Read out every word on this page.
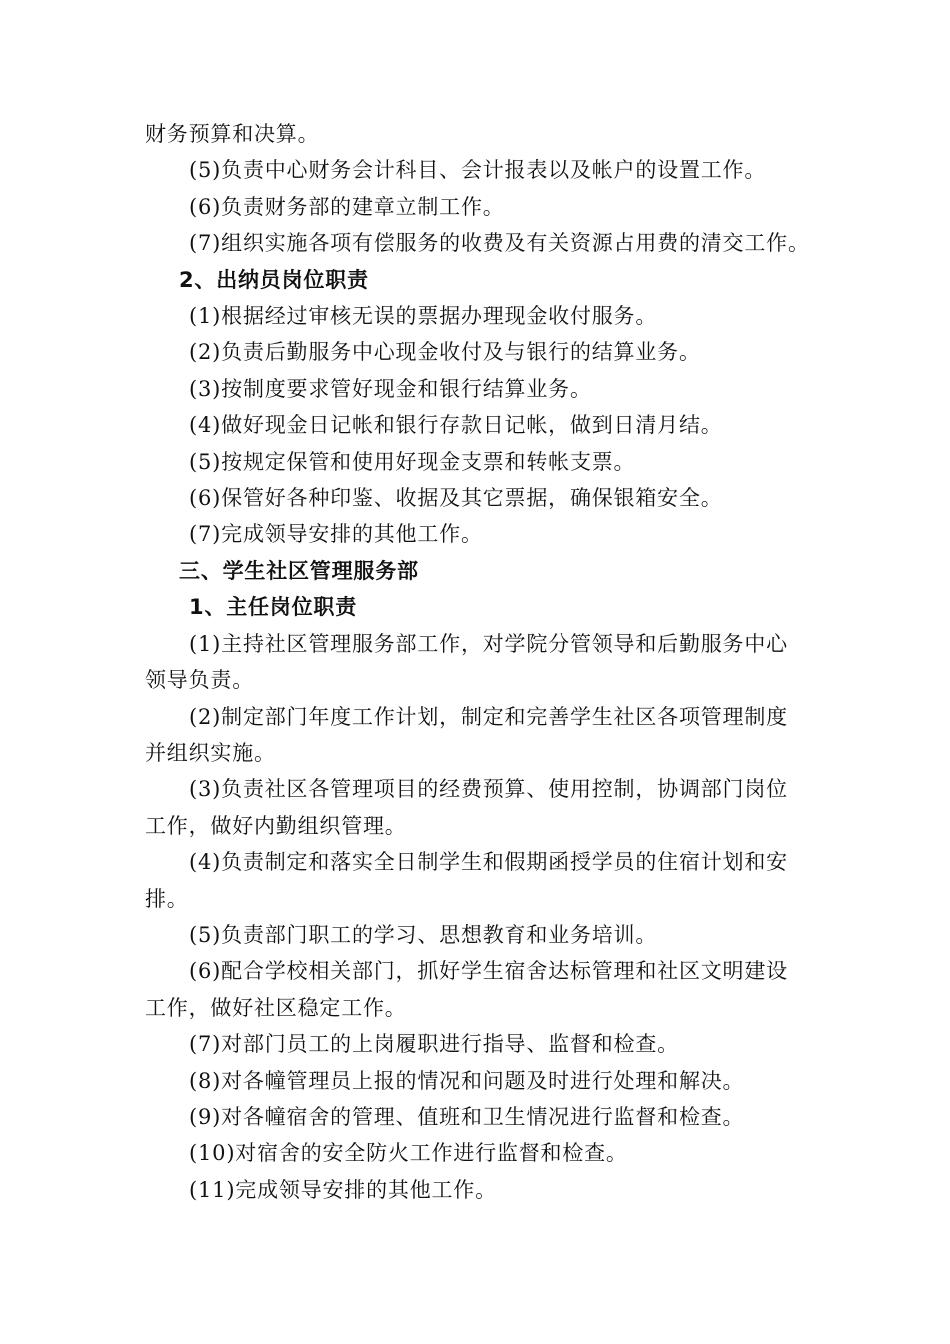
财务预算和决算。
(5)负责中心财务会计科目、会计报表以及帐户的设置工作。
(6)负责财务部的建章立制工作。
(7)组织实施各项有偿服务的收费及有关资源占用费的清交工作。
2、出纳员岗位职责
(1)根据经过审核无误的票据办理现金收付服务。
(2)负责后勤服务中心现金收付及与银行的结算业务。
(3)按制度要求管好现金和银行结算业务。
(4)做好现金日记帐和银行存款日记帐，做到日清月结。
(5)按规定保管和使用好现金支票和转帐支票。
(6)保管好各种印鉴、收据及其它票据，确保银箱安全。
(7)完成领导安排的其他工作。
三、学生社区管理服务部
1、主任岗位职责
(1)主持社区管理服务部工作，对学院分管领导和后勤服务中心
领导负责。
(2)制定部门年度工作计划，制定和完善学生社区各项管理制度
并组织实施。
(3)负责社区各管理项目的经费预算、使用控制，协调部门岗位
工作，做好内勤组织管理。
(4)负责制定和落实全日制学生和假期函授学员的住宿计划和安
排。
(5)负责部门职工的学习、思想教育和业务培训。
(6)配合学校相关部门，抓好学生宿舍达标管理和社区文明建设
工作，做好社区稳定工作。
(7)对部门员工的上岗履职进行指导、监督和检查。
(8)对各幢管理员上报的情况和问题及时进行处理和解决。
(9)对各幢宿舍的管理、值班和卫生情况进行监督和检查。
(10)对宿舍的安全防火工作进行监督和检查。
(11)完成领导安排的其他工作。
